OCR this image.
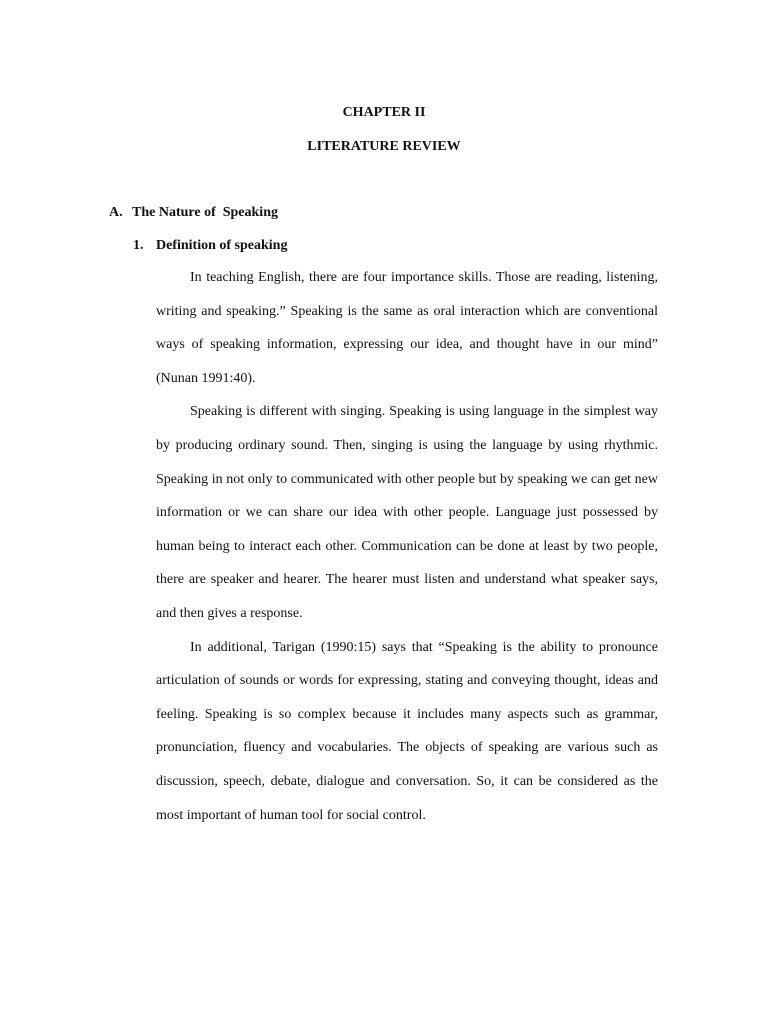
CHAPTER II
LITERATURE REVIEW
A. The Nature of  Speaking
1. Definition of speaking

In teaching English, there are four importance skills. Those are reading, listening, writing and speaking.” Speaking is the same as oral interaction which are conventional ways of speaking information, expressing our idea, and thought have in our mind” (Nunan 1991:40).

Speaking is different with singing. Speaking is using language in the simplest way by producing ordinary sound. Then, singing is using the language by using rhythmic. Speaking in not only to communicated with other people but by speaking we can get new information or we can share our idea with other people. Language just possessed by human being to interact each other. Communication can be done at least by two people, there are speaker and hearer. The hearer must listen and understand what speaker says, and then gives a response.

In additional, Tarigan (1990:15) says that “Speaking is the ability to pronounce articulation of sounds or words for expressing, stating and conveying thought, ideas and feeling. Speaking is so complex because it includes many aspects such as grammar, pronunciation, fluency and vocabularies. The objects of speaking are various such as discussion, speech, debate, dialogue and conversation. So, it can be considered as the most important of human tool for social control.
